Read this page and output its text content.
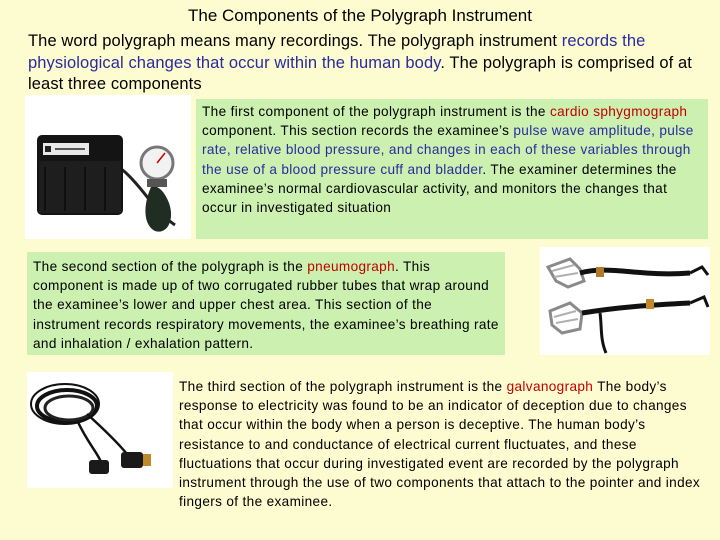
The Components of the Polygraph Instrument
The word polygraph means many recordings. The polygraph instrument records the physiological changes that occur within the human body. The polygraph is comprised of at least three components
The first component of the polygraph instrument is the cardio sphygmograph component. This section records the examinee’s pulse wave amplitude, pulse rate, relative blood pressure, and changes in each of these variables through the use of a blood pressure cuff and bladder. The examiner determines the examinee’s normal cardiovascular activity, and monitors the changes that occur in investigated situation
The second section of the polygraph is the pneumograph. This component is made up of two corrugated rubber tubes that wrap around the examinee’s lower and upper chest area. This section of the instrument records respiratory movements, the examinee’s breathing rate and inhalation / exhalation pattern.
The third section of the polygraph instrument is the galvanograph The body’s response to electricity was found to be an indicator of deception due to changes that occur within the body when a person is deceptive. The human body’s resistance to and conductance of electrical current fluctuates, and these fluctuations that occur during investigated event are recorded by the polygraph instrument through the use of two components that attach to the pointer and index fingers of the examinee.
